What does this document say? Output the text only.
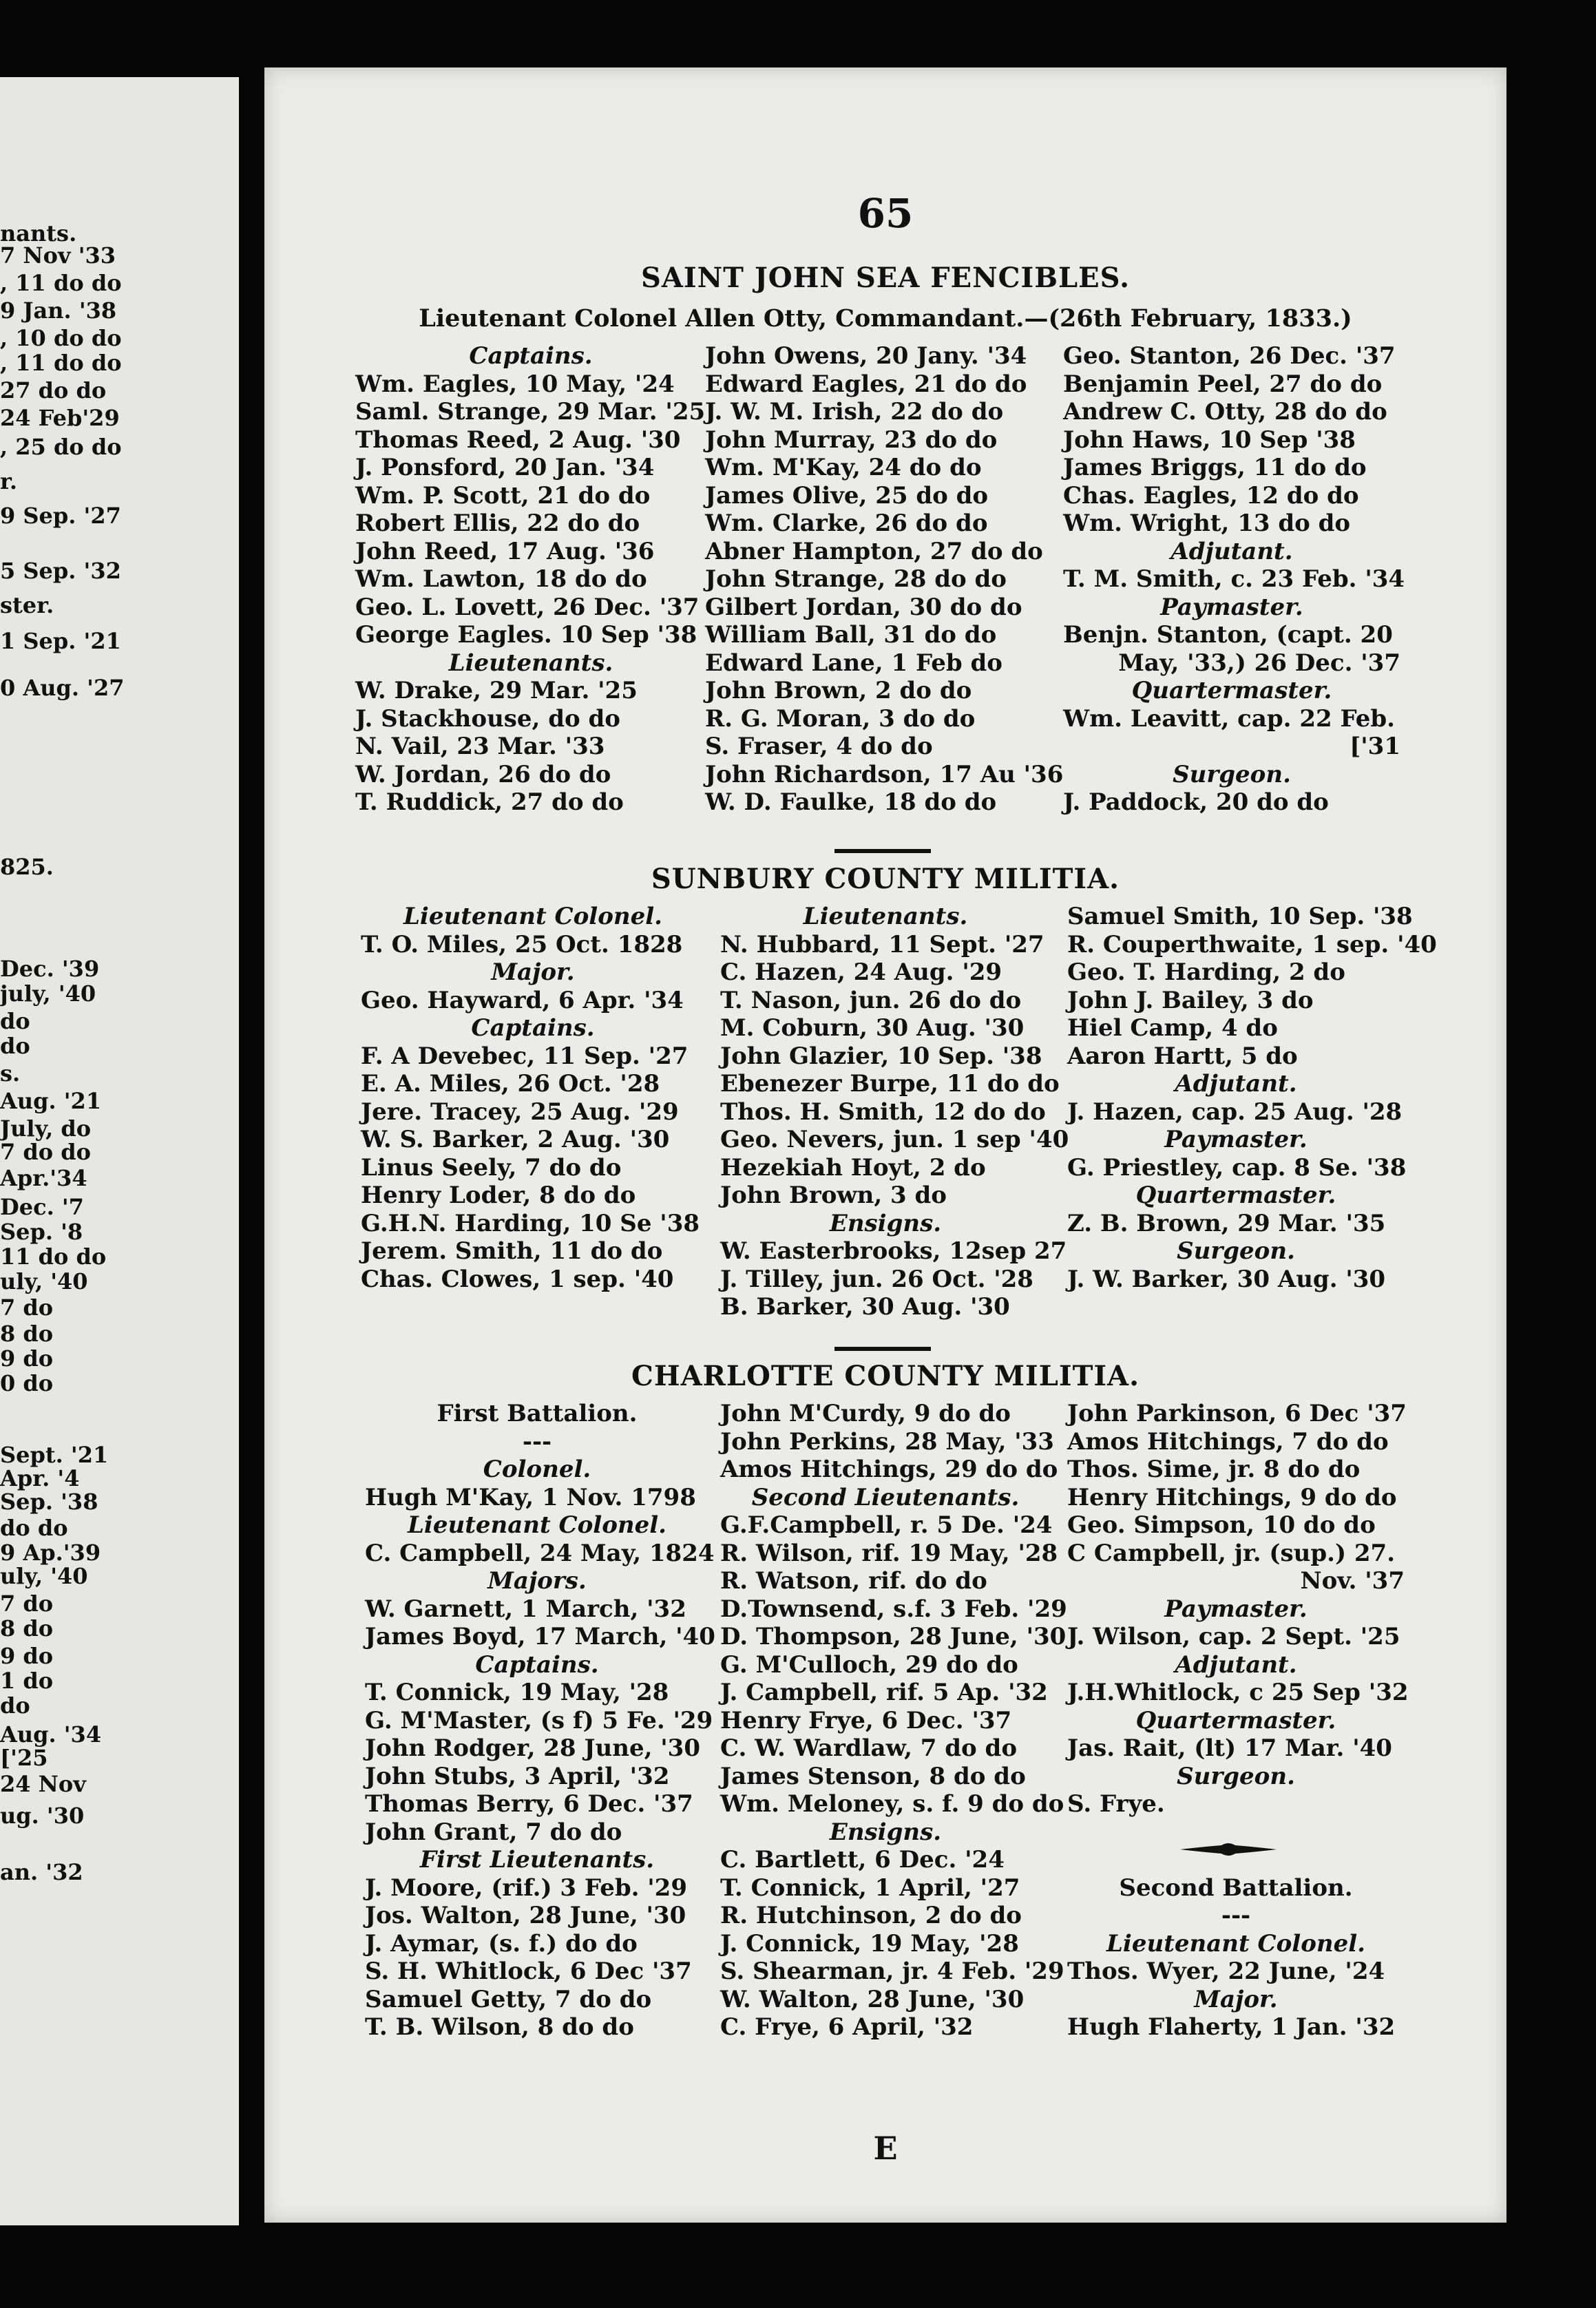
nants.
7 Nov '33
, 11 do do
9 Jan. '38
, 10 do do
, 11 do do
27 do do
24 Feb'29
, 25 do do
r.
9 Sep. '27
5 Sep. '32
ster.
1 Sep. '21
0 Aug. '27
825.
Dec. '39
july, '40
do
do
s.
Aug. '21
July, do
7 do do
Apr.'34
Dec. '7
Sep. '8
11 do do
uly, '40
7 do
8 do
9 do
0 do
Sept. '21
Apr. '4
Sep. '38
do do
9 Ap.'39
uly, '40
7 do
8 do
9 do
1 do
do
Aug. '34
['25
24 Nov
ug. '30
an. '32
65
SAINT JOHN SEA FENCIBLES.
Lieutenant Colonel Allen Otty, Commandant.—(26th February, 1833.)
Captains.
Wm. Eagles, 10 May, '24
Saml. Strange, 29 Mar. '25
Thomas Reed, 2 Aug. '30
J. Ponsford, 20 Jan. '34
Wm. P. Scott, 21 do do
Robert Ellis, 22 do do
John Reed, 17 Aug. '36
Wm. Lawton, 18 do do
Geo. L. Lovett, 26 Dec. '37
George Eagles. 10 Sep '38
Lieutenants.
W. Drake, 29 Mar. '25
J. Stackhouse, do do
N. Vail, 23 Mar. '33
W. Jordan, 26 do do
T. Ruddick, 27 do do
John Owens, 20 Jany. '34
Edward Eagles, 21 do do
J. W. M. Irish, 22 do do
John Murray, 23 do do
Wm. M'Kay, 24 do do
James Olive, 25 do do
Wm. Clarke, 26 do do
Abner Hampton, 27 do do
John Strange, 28 do do
Gilbert Jordan, 30 do do
William Ball, 31 do do
Edward Lane, 1 Feb do
John Brown, 2 do do
R. G. Moran, 3 do do
S. Fraser, 4 do do
John Richardson, 17 Au '36
W. D. Faulke, 18 do do
Geo. Stanton, 26 Dec. '37
Benjamin Peel, 27 do do
Andrew C. Otty, 28 do do
John Haws, 10 Sep '38
James Briggs, 11 do do
Chas. Eagles, 12 do do
Wm. Wright, 13 do do
Adjutant.
T. M. Smith, c. 23 Feb. '34
Paymaster.
Benjn. Stanton, (capt. 20
May, '33,) 26 Dec. '37
Quartermaster.
Wm. Leavitt, cap. 22 Feb.
['31
Surgeon.
J. Paddock, 20 do do
SUNBURY COUNTY MILITIA.
Lieutenant Colonel.
T. O. Miles, 25 Oct. 1828
Major.
Geo. Hayward, 6 Apr. '34
Captains.
F. A Devebec, 11 Sep. '27
E. A. Miles, 26 Oct. '28
Jere. Tracey, 25 Aug. '29
W. S. Barker, 2 Aug. '30
Linus Seely, 7 do do
Henry Loder, 8 do do
G.H.N. Harding, 10 Se '38
Jerem. Smith, 11 do do
Chas. Clowes, 1 sep. '40
Lieutenants.
N. Hubbard, 11 Sept. '27
C. Hazen, 24 Aug. '29
T. Nason, jun. 26 do do
M. Coburn, 30 Aug. '30
John Glazier, 10 Sep. '38
Ebenezer Burpe, 11 do do
Thos. H. Smith, 12 do do
Geo. Nevers, jun. 1 sep '40
Hezekiah Hoyt, 2 do
John Brown, 3 do
Ensigns.
W. Easterbrooks, 12sep 27
J. Tilley, jun. 26 Oct. '28
B. Barker, 30 Aug. '30
Samuel Smith, 10 Sep. '38
R. Couperthwaite, 1 sep. '40
Geo. T. Harding, 2 do
John J. Bailey, 3 do
Hiel Camp, 4 do
Aaron Hartt, 5 do
Adjutant.
J. Hazen, cap. 25 Aug. '28
Paymaster.
G. Priestley, cap. 8 Se. '38
Quartermaster.
Z. B. Brown, 29 Mar. '35
Surgeon.
J. W. Barker, 30 Aug. '30
CHARLOTTE COUNTY MILITIA.
First Battalion.
---
Colonel.
Hugh M'Kay, 1 Nov. 1798
Lieutenant Colonel.
C. Campbell, 24 May, 1824
Majors.
W. Garnett, 1 March, '32
James Boyd, 17 March, '40
Captains.
T. Connick, 19 May, '28
G. M'Master, (s f) 5 Fe. '29
John Rodger, 28 June, '30
John Stubs, 3 April, '32
Thomas Berry, 6 Dec. '37
John Grant, 7 do do
First Lieutenants.
J. Moore, (rif.) 3 Feb. '29
Jos. Walton, 28 June, '30
J. Aymar, (s. f.) do do
S. H. Whitlock, 6 Dec '37
Samuel Getty, 7 do do
T. B. Wilson, 8 do do
John M'Curdy, 9 do do
John Perkins, 28 May, '33
Amos Hitchings, 29 do do
Second Lieutenants.
G.F.Campbell, r. 5 De. '24
R. Wilson, rif. 19 May, '28
R. Watson, rif. do do
D.Townsend, s.f. 3 Feb. '29
D. Thompson, 28 June, '30
G. M'Culloch, 29 do do
J. Campbell, rif. 5 Ap. '32
Henry Frye, 6 Dec. '37
C. W. Wardlaw, 7 do do
James Stenson, 8 do do
Wm. Meloney, s. f. 9 do do
Ensigns.
C. Bartlett, 6 Dec. '24
T. Connick, 1 April, '27
R. Hutchinson, 2 do do
J. Connick, 19 May, '28
S. Shearman, jr. 4 Feb. '29
W. Walton, 28 June, '30
C. Frye, 6 April, '32
John Parkinson, 6 Dec '37
Amos Hitchings, 7 do do
Thos. Sime, jr. 8 do do
Henry Hitchings, 9 do do
Geo. Simpson, 10 do do
C Campbell, jr. (sup.) 27.
Nov. '37
Paymaster.
J. Wilson, cap. 2 Sept. '25
Adjutant.
J.H.Whitlock, c 25 Sep '32
Quartermaster.
Jas. Rait, (lt) 17 Mar. '40
Surgeon.
S. Frye.
Second Battalion.
---
Lieutenant Colonel.
Thos. Wyer, 22 June, '24
Major.
Hugh Flaherty, 1 Jan. '32
E
